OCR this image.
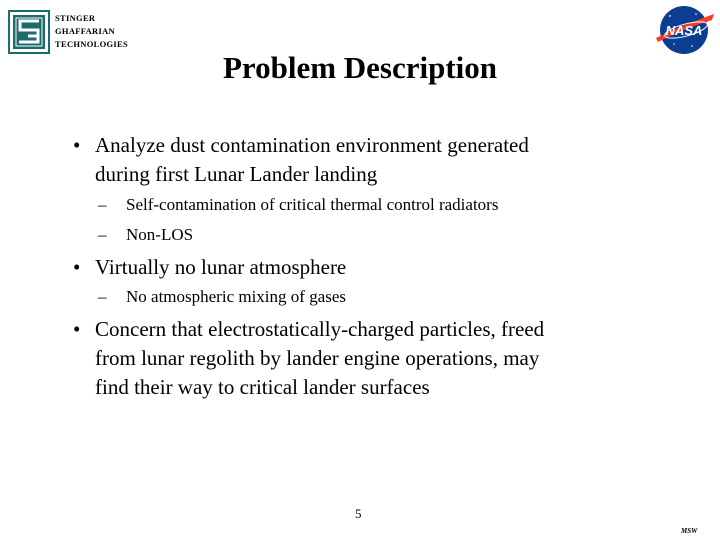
STINGER
GHAFFARIAN
TECHNOLOGIES
NASA
Problem Description
• Analyze dust contamination environment generated
during first Lunar Lander landing
– Self-contamination of critical thermal control radiators
– Non-LOS
• Virtually no lunar atmosphere
– No atmospheric mixing of gases
• Concern that electrostatically-charged particles, freed
from lunar regolith by lander engine operations, may
find their way to critical lander surfaces
5
MSW
